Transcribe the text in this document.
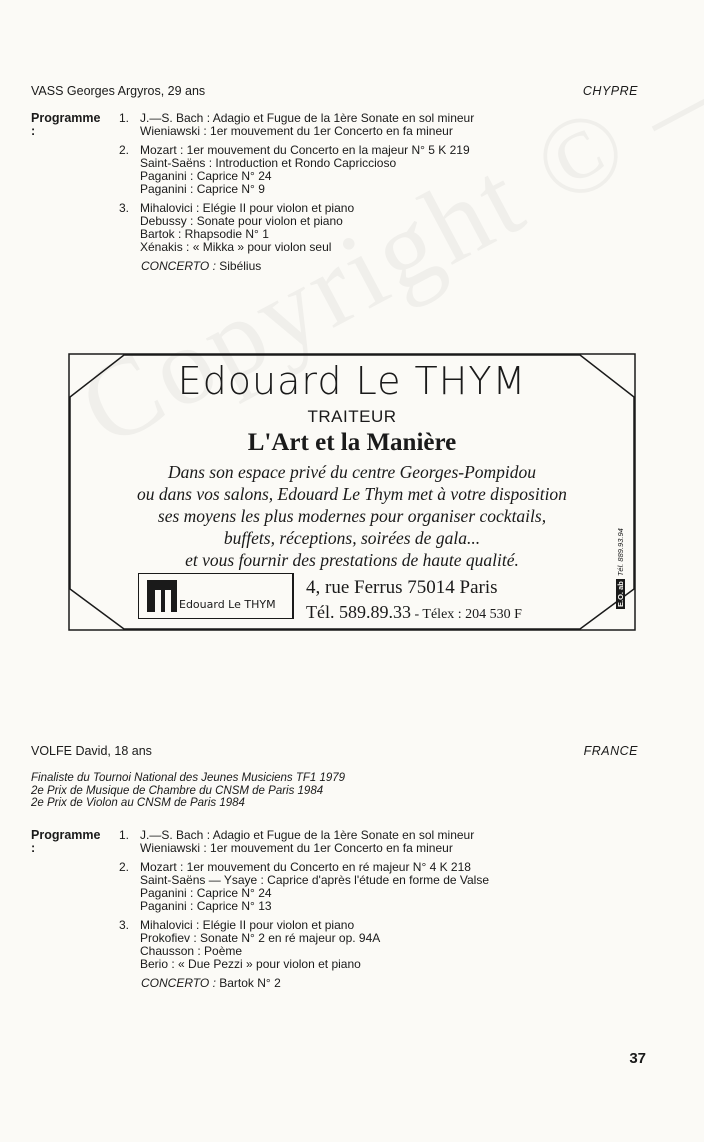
VASS Georges Argyros, 29 ans	CHYPRE
Programme :
1. J.—S. Bach : Adagio et Fugue de la 1ère Sonate en sol mineur
Wieniawski : 1er mouvement du 1er Concerto en fa mineur
2. Mozart : 1er mouvement du Concerto en la majeur N° 5 K 219
Saint-Saëns : Introduction et Rondo Capriccioso
Paganini : Caprice N° 24
Paganini : Caprice N° 9
3. Mihalovici : Elégie II pour violon et piano
Debussy : Sonate pour violon et piano
Bartok : Rhapsodie N° 1
Xénakis : « Mikka » pour violon seul
CONCERTO : Sibélius
Edouard Le THYM
TRAITEUR
L'Art et la Manière
Dans son espace privé du centre Georges-Pompidou
ou dans vos salons, Edouard Le Thym met à votre disposition
ses moyens les plus modernes pour organiser cocktails,
buffets, réceptions, soirées de gala...
et vous fournir des prestations de haute qualité.
Edouard Le THYM
4, rue Ferrus 75014 Paris
Tél. 589.89.33 - Télex : 204 530 F
E.O. abTél. 889.93.94
VOLFE David, 18 ans	FRANCE
Finaliste du Tournoi National des Jeunes Musiciens TF1 1979
2e Prix de Musique de Chambre du CNSM de Paris 1984
2e Prix de Violon au CNSM de Paris 1984
Programme :
1. J.—S. Bach : Adagio et Fugue de la 1ère Sonate en sol mineur
Wieniawski : 1er mouvement du 1er Concerto en fa mineur
2. Mozart : 1er mouvement du Concerto en ré majeur N° 4 K 218
Saint-Saëns — Ysaye : Caprice d'après l'étude en forme de Valse
Paganini : Caprice N° 24
Paganini : Caprice N° 13
3. Mihalovici : Elégie II pour violon et piano
Prokofiev : Sonate N° 2 en ré majeur op. 94A
Chausson : Poème
Berio : « Due Pezzi » pour violon et piano
CONCERTO : Bartok N° 2
37
